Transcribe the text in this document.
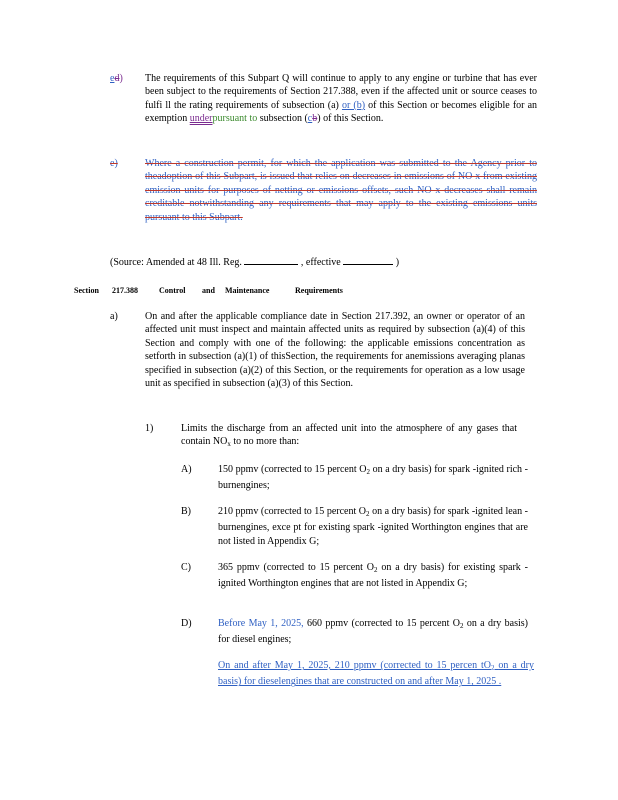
ed)	The requirements of this Subpart Q will continue to apply to any engine or turbine that has ever been subject to the requirements of Section 217.388, even if the affected unit or source ceases to fulfi ll the rating requirements of subsection (a) or (b) of this Section or becomes eligible for an exemption underpursuant to subsection (cb) of this Section.
e)	Where a construction permit, for which the application was submitted to the Agency prior to theadoption of this Subpart, is issued that relies on decreases in emissions of NO x from existing emission units for purposes of netting or emissions offsets, such NO x decreases shall remain creditable notwithstanding any requirements that may apply to the existing emissions units pursuant to this Subpart.
(Source: Amended at 48 Ill. Reg.	, effective	)
Section 217.388	Control and Maintenance	Requirements
a)	On and after the applicable compliance date in Section 217.392, an owner or operator of an affected unit must inspect and maintain affected units as required by subsection (a)(4) of this Section and comply with one of the following: the applicable emissions concentration as setforth in subsection (a)(1) of thisSection, the requirements for anemissions averaging planas specified in subsection (a)(2) of this Section, or the requirements for operation as a low usage unit as specified in subsection (a)(3) of this Section.
1)	Limits the discharge from an affected unit into the atmosphere of any gases that contain $NO_x$ to no more than:
A)	150 ppmv (corrected to 15 percent $O_2$ on a dry basis) for spark -ignited rich -burnengines;
B)	210 ppmv (corrected to 15 percent $O_2$ on a dry basis) for spark -ignited lean -burnengines, exce pt for existing spark -ignited Worthington engines that are not listed in Appendix G;
C)	365 ppmv (corrected to 15 percent $O_2$ on a dry basis) for existing spark -ignited Worthington engines that are not listed in Appendix G;
D)	Before May 1, 2025, 660 ppmv (corrected to 15 percent $O_2$ on a dry basis) for diesel engines;
On and after May 1, 2025, 210 ppmv (corrected to 15 percen $tO_2$ on a dry basis) for dieselengines that are constructed on and after May 1, 2025 .
